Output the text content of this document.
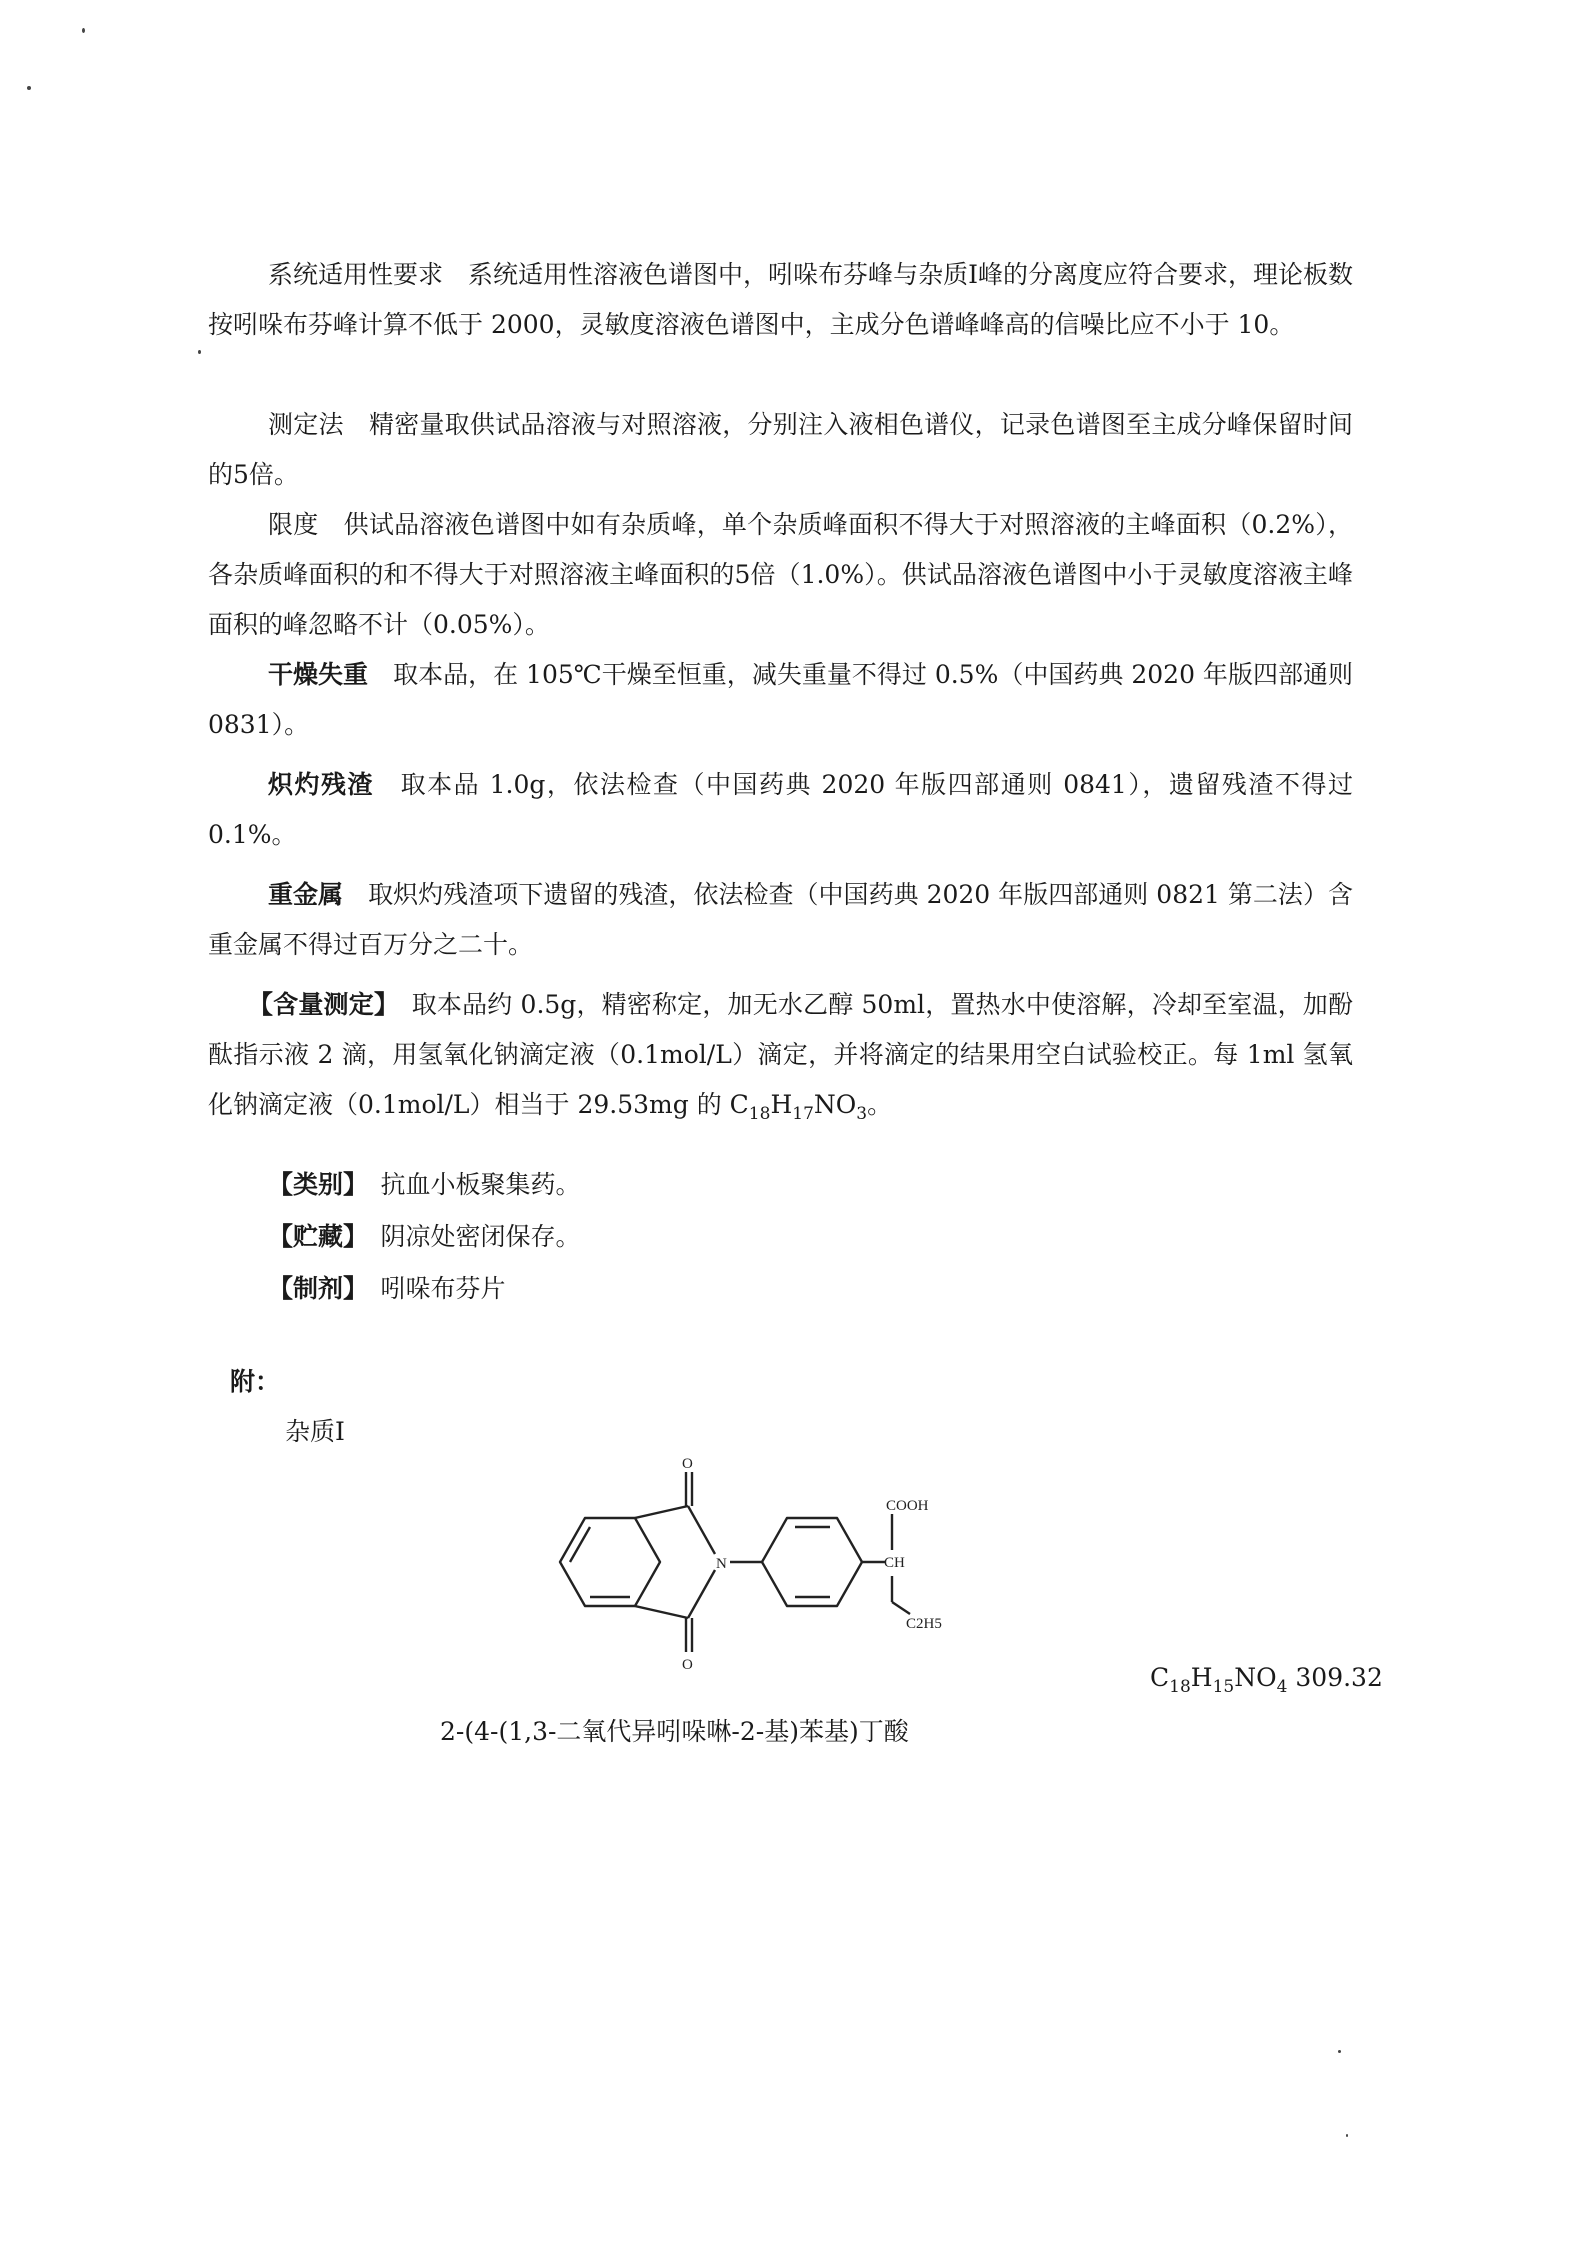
系统适用性要求　 系统适用性溶液色谱图中，吲哚布芬峰与杂质Ⅰ峰的分离度应符合要求，理论板数按吲哚布芬峰计算不低于 2000，灵敏度溶液色谱图中，主成分色谱峰峰高的信噪比应不小于 10。

测定法　 精密量取供试品溶液与对照溶液，分别注入液相色谱仪，记录色谱图至主成分峰保留时间的5倍。

限度　 供试品溶液色谱图中如有杂质峰，单个杂质峰面积不得大于对照溶液的主峰面积（0.2%），各杂质峰面积的和不得大于对照溶液主峰面积的5倍（1.0%）。供试品溶液色谱图中小于灵敏度溶液主峰面积的峰忽略不计（0.05%）。

干燥失重　 取本品，在 105℃干燥至恒重，减失重量不得过 0.5%（中国药典 2020 年版四部通则 0831）。

炽灼残渣　 取本品 1.0g，依法检查（中国药典 2020 年版四部通则 0841），遗留残渣不得过 0.1%。

重金属　 取炽灼残渣项下遗留的残渣，依法检查（中国药典 2020 年版四部通则 0821 第二法）含重金属不得过百万分之二十。

【含量测定】　 取本品约 0.5g，精密称定，加无水乙醇 50ml，置热水中使溶解，冷却至室温，加酚酞指示液 2 滴，用氢氧化钠滴定液（0.1mol/L）滴定，并将滴定的结果用空白试验校正。每 1ml 氢氧化钠滴定液（0.1mol/L）相当于 29.53mg 的 $C_{18}H_{17}NO_3$。

【类别】　 抗血小板聚集药。
【贮藏】　 阴凉处密闭保存。
【制剂】　 吲哚布芬片
附：
杂质Ⅰ
O
O
N
COOH
CH
C2H5
$C_{18}H_{15}NO_4$ 309.32
2-(4-(1,3-二氧代异吲哚啉-2-基)苯基)丁酸
